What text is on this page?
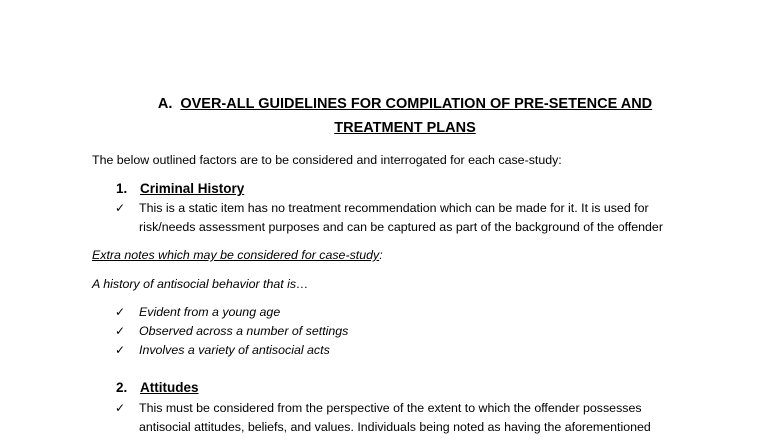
A. OVER-ALL GUIDELINES FOR COMPILATION OF PRE-SETENCE AND
TREATMENT PLANS
The below outlined factors are to be considered and interrogated for each case-study:
1. Criminal History
✓ This is a static item has no treatment recommendation which can be made for it. It is used for
risk/needs assessment purposes and can be captured as part of the background of the offender
Extra notes which may be considered for case-study:
A history of antisocial behavior that is…
✓ Evident from a young age
✓ Observed across a number of settings
✓ Involves a variety of antisocial acts
2. Attitudes
✓ This must be considered from the perspective of the extent to which the offender possesses
antisocial attitudes, beliefs, and values. Individuals being noted as having the aforementioned
